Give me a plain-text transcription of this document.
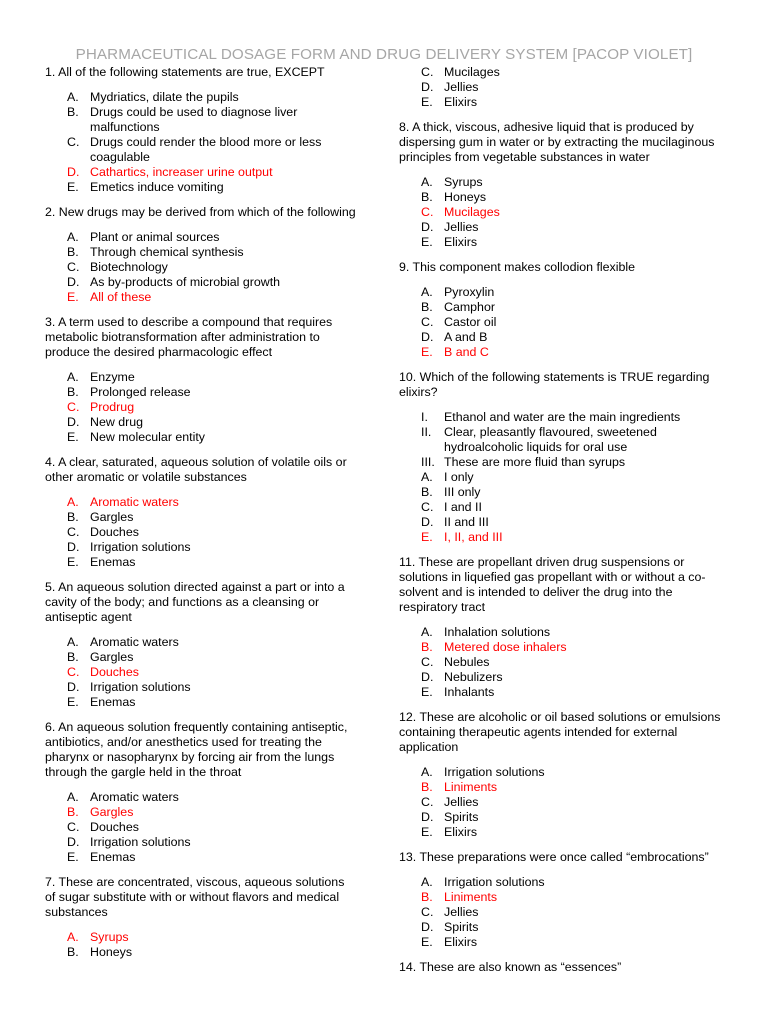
PHARMACEUTICAL DOSAGE FORM AND DRUG DELIVERY SYSTEM [PACOP VIOLET]

1. All of the following statements are true, EXCEPT

A. Mydriatics, dilate the pupils
B. Drugs could be used to diagnose liver malfunctions
C. Drugs could render the blood more or less coagulable
D. Cathartics, increaser urine output
E. Emetics induce vomiting

2. New drugs may be derived from which of the following

A. Plant or animal sources
B. Through chemical synthesis
C. Biotechnology
D. As by-products of microbial growth
E. All of these

3. A term used to describe a compound that requires metabolic biotransformation after administration to produce the desired pharmacologic effect

A. Enzyme
B. Prolonged release
C. Prodrug
D. New drug
E. New molecular entity

4. A clear, saturated, aqueous solution of volatile oils or other aromatic or volatile substances

A. Aromatic waters
B. Gargles
C. Douches
D. Irrigation solutions
E. Enemas

5. An aqueous solution directed against a part or into a cavity of the body; and functions as a cleansing or antiseptic agent

A. Aromatic waters
B. Gargles
C. Douches
D. Irrigation solutions
E. Enemas

6. An aqueous solution frequently containing antiseptic, antibiotics, and/or anesthetics used for treating the pharynx or nasopharynx by forcing air from the lungs through the gargle held in the throat

A. Aromatic waters
B. Gargles
C. Douches
D. Irrigation solutions
E. Enemas

7. These are concentrated, viscous, aqueous solutions of sugar substitute with or without flavors and medical substances

A. Syrups
B. Honeys
C. Mucilages
D. Jellies
E. Elixirs

8. A thick, viscous, adhesive liquid that is produced by dispersing gum in water or by extracting the mucilaginous principles from vegetable substances in water

A. Syrups
B. Honeys
C. Mucilages
D. Jellies
E. Elixirs

9. This component makes collodion flexible

A. Pyroxylin
B. Camphor
C. Castor oil
D. A and B
E. B and C

10. Which of the following statements is TRUE regarding elixirs?

I.	Ethanol and water are the main ingredients
II.	Clear, pleasantly flavoured, sweetened hydroalcoholic liquids for oral use
III. These are more fluid than syrups
A. I only
B. III only
C. I and II
D. II and III
E. I, II, and III

11. These are propellant driven drug suspensions or solutions in liquefied gas propellant with or without a co-solvent and is intended to deliver the drug into the respiratory tract

A. Inhalation solutions
B. Metered dose inhalers
C. Nebules
D. Nebulizers
E. Inhalants

12. These are alcoholic or oil based solutions or emulsions containing therapeutic agents intended for external application

A. Irrigation solutions
B. Liniments
C. Jellies
D. Spirits
E. Elixirs

13. These preparations were once called “embrocations”

A. Irrigation solutions
B. Liniments
C. Jellies
D. Spirits
E. Elixirs

14. These are also known as “essences”
